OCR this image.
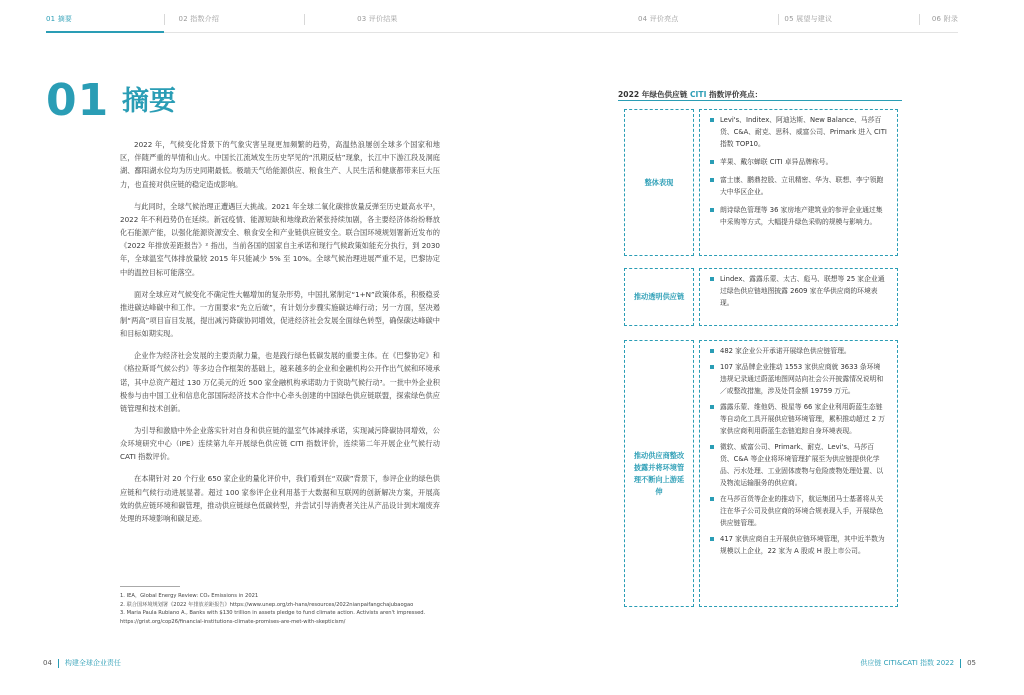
01 摘要	02 指数介绍	03 评价结果	04 评价亮点	05 展望与建议	06 附录
01 摘要

2022 年，气候变化背景下的气象灾害呈现更加频繁的趋势，高温热浪屡创全球多个国家和地区，伴随严重的旱情和山火。中国长江流域发生历史罕见的“汛期反枯”现象，长江中下游江段及洞庭湖、鄱阳湖水位均为历史同期最低。极端天气给能源供应、粮食生产、人民生活和健康都带来巨大压力，也直接对供应链的稳定造成影响。

与此同时，全球气候治理正遭遇巨大挑战。2021 年全球二氧化碳排放量反弹至历史最高水平¹，2022 年不利趋势仍在延续。新冠疫情、能源短缺和地缘政治紧张持续加剧，各主要经济体纷纷释放化石能源产能，以强化能源资源安全、粮食安全和产业链供应链安全。联合国环境规划署新近发布的《2022 年排放差距报告》² 指出，当前各国的国家自主承诺和现行气候政策如能充分执行，到 2030 年，全球温室气体排放量较 2015 年只能减少 5% 至 10%。全球气候治理进展严重不足，巴黎协定中的温控目标可能落空。

面对全球应对气候变化不确定性大幅增加的复杂形势，中国扎紧制定“1+N”政策体系，积极稳妥推进碳达峰碳中和工作。一方面要求“先立后破”，有计划分步骤实施碳达峰行动；另一方面，坚决遏制“两高”项目盲目发展，提出减污降碳协同增效，促进经济社会发展全面绿色转型，确保碳达峰碳中和目标如期实现。

企业作为经济社会发展的主要贡献力量，也是践行绿色低碳发展的重要主体。在《巴黎协定》和《格拉斯哥气候公约》等多边合作框架的基础上，越来越多的企业和金融机构公开作出气候和环境承诺，其中总资产超过 130 万亿美元的近 500 家金融机构承诺助力于资助气候行动³。一批中外企业积极参与由中国工业和信息化部国际经济技术合作中心牵头创建的中国绿色供应链联盟，探索绿色供应链管理和技术创新。

为引导和激励中外企业落实针对自身和供应链的温室气体减排承诺，实现减污降碳协同增效，公众环境研究中心（IPE）连续第九年开展绿色供应链 CITI 指数评价，连续第二年开展企业气候行动 CATI 指数评价。

在本期针对 20 个行业 650 家企业的量化评价中，我们看到在“双碳”背景下，参评企业的绿色供应链和气候行动进展显著。超过 100 家参评企业利用基于大数据和互联网的创新解决方案，开展高效的供应链环境和碳管理，推动供应链绿色低碳转型，并尝试引导消费者关注从产品设计到末端废弃处理的环境影响和碳足迹。

1. IEA，Global Energy Review: CO₂ Emissions in 2021
2. 联合国环境规划署《2022 年排放差距报告》https://www.unep.org/zh-hans/resources/2022nianpaifangchajubaogao
3. Maria Paula Rubiano A., Banks with $130 trillion in assets pledge to fund climate action. Activists aren't impressed.
https://grist.org/cop26/financial-institutions-climate-promises-are-met-with-skepticism/
2022 年绿色供应链 CITI 指数评价亮点：
整体表现
Levi's、Inditex、阿迪达斯、New Balance、马莎百货、C&A、耐克、思科、威富公司、Primark 进入 CITI 指数 TOP10。
苹果、戴尔蝉联 CITI 卓异品牌称号。
富士康、鹏鼎控股、立讯精密、华为、联想、李宁领跑大中华区企业。
朗诗绿色管理等 36 家房地产建筑业的参评企业通过集中采购等方式，大幅提升绿色采购的规模与影响力。
推动透明供应链
Lindex、露露乐蒙、太古、彪马、联想等 25 家企业通过绿色供应链地图披露 2609 家在华供应商的环境表现。
推动供应商整改披露并将环境管理不断向上游延伸
482 家企业公开承诺开展绿色供应链管理。
107 家品牌企业推动 1553 家供应商就 3633 条环境违规记录通过蔚蓝地图网站向社会公开披露情况说明和／或整改措施，涉及处罚金额 19759 万元。
露露乐蒙、维他奶、极星等 66 家企业利用蔚蓝生态链等自动化工具开展供应链环境管理，累积推动超过 2 万家供应商利用蔚蓝生态链追踪自身环境表现。
微软、威富公司、Primark、耐克、Levi's、马莎百货、C&A 等企业将环境管理扩展至为供应链提供化学品、污水处理、工业固体废物与危险废物处理处置、以及物流运输服务的供应商。
在马莎百货等企业的推动下，航运集团马士基著将从关注在华子公司及供应商的环境合规表现入手，开展绿色供应链管理。
417 家供应商自主开展供应链环境管理，其中近半数为规模以上企业，22 家为 A 股或 H 股上市公司。
04 构建全球企业责任	供应链 CITI&CATI 指数 2022 05
